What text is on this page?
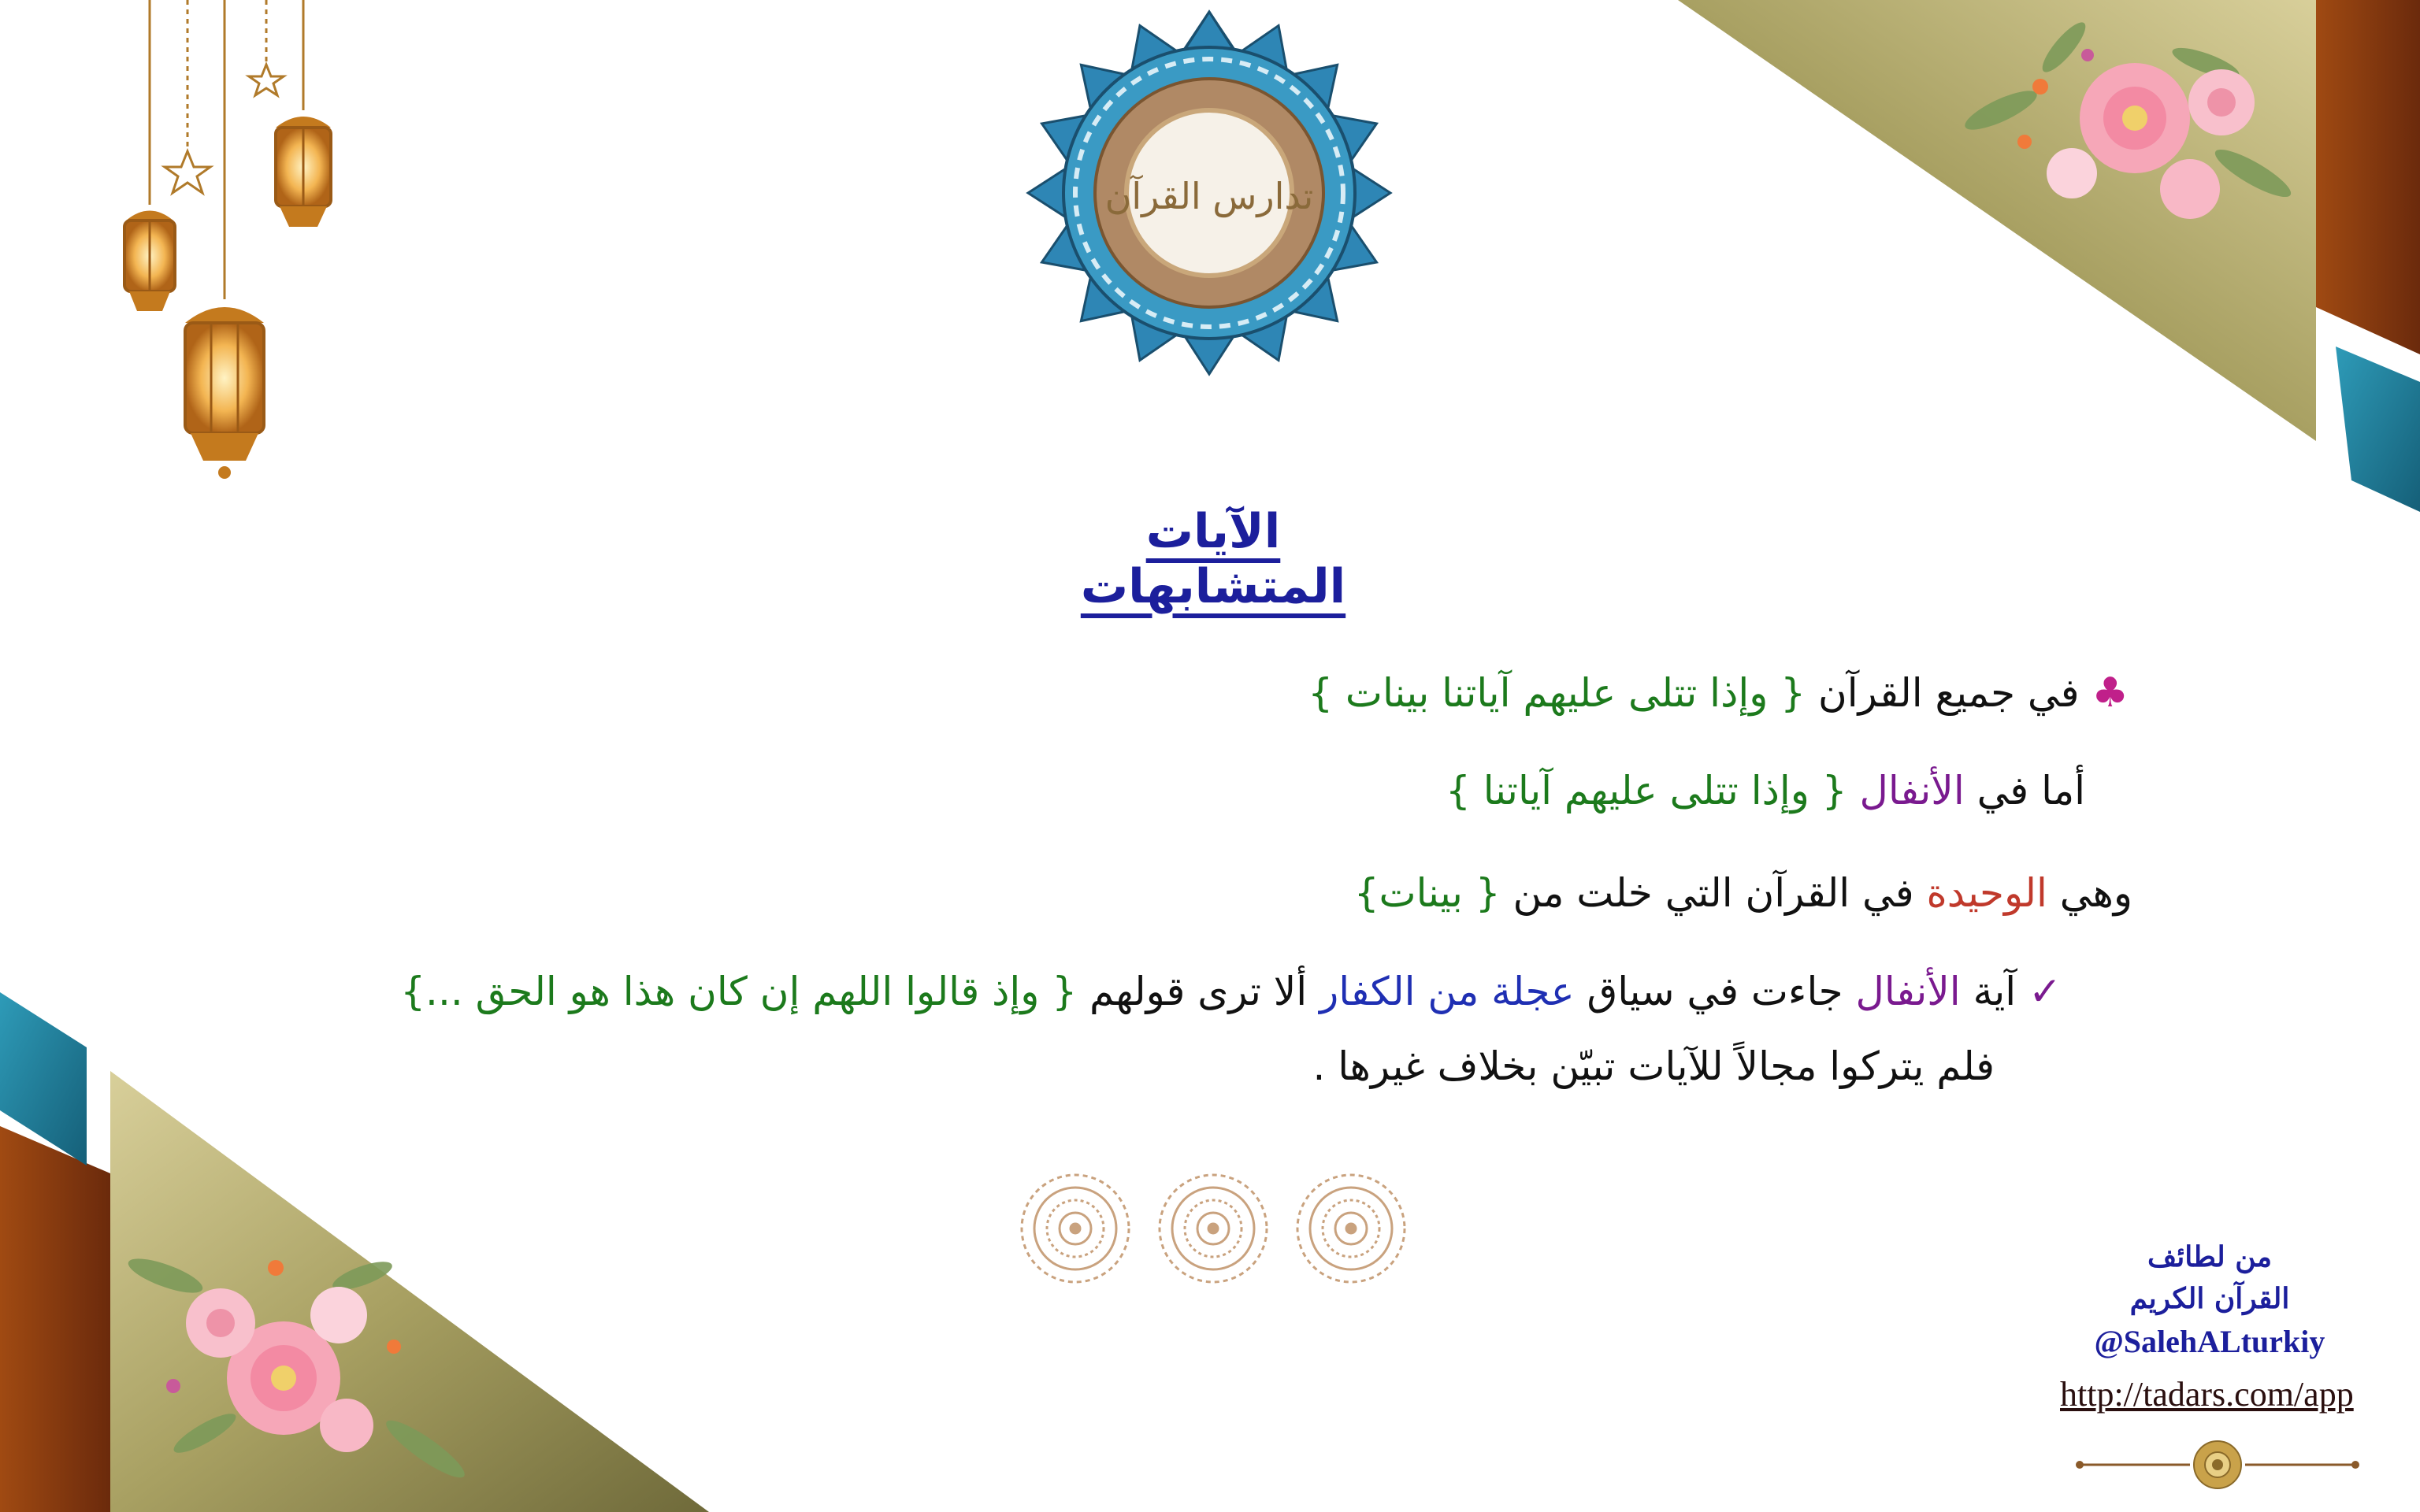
تدارس القرآن
الآيات المتشابهات
♣ في جميع القرآن { وإذا تتلى عليهم آياتنا بينات }
أما في الأنفال { وإذا تتلى عليهم آياتنا }
وهي الوحيدة في القرآن التي خلت من { بينات}
✓ آية الأنفال جاءت في سياق عجلة من الكفار ألا ترى قولهم { وإذ قالوا اللهم إن كان هذا هو الحق ...}
فلم يتركوا مجالاً للآيات تبيّن بخلاف غيرها .
من لطائف
القرآن الكريم
@SalehALturkiy
http://tadars.com/app
